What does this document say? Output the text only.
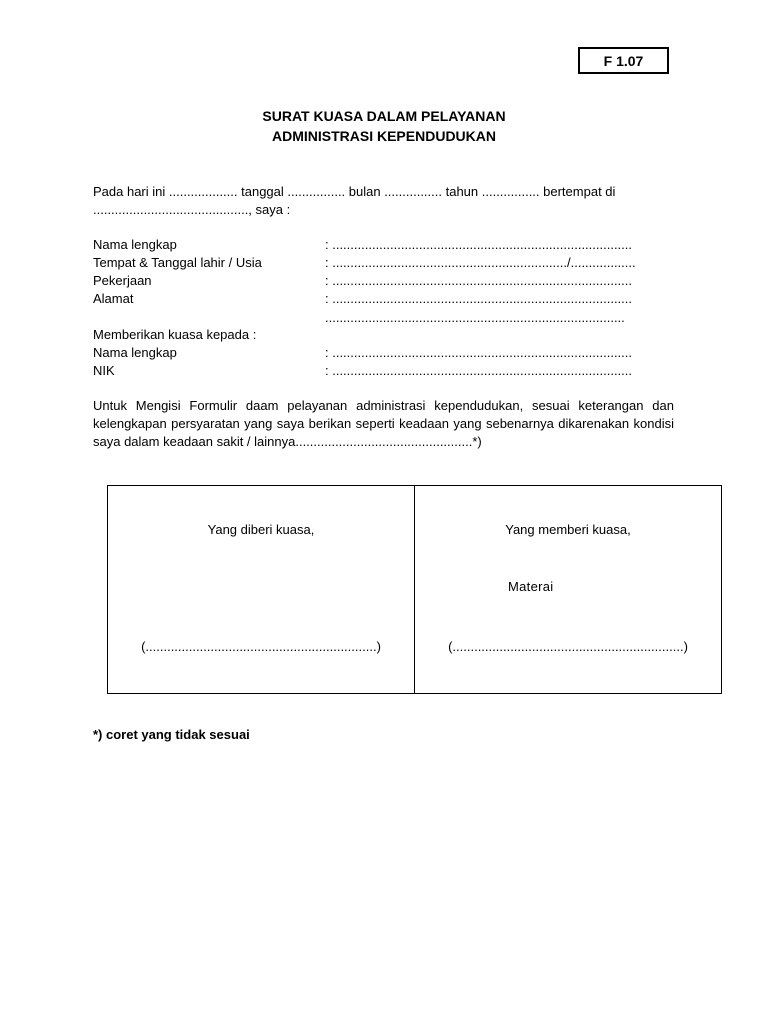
F 1.07
SURAT KUASA DALAM PELAYANAN
ADMINISTRASI KEPENDUDUKAN
Pada hari ini ................... tanggal ................ bulan ................ tahun ................ bertempat di
..........................................., saya :
Nama lengkap	: ...................................................................................
Tempat & Tanggal lahir / Usia	: ................................................................./..................
Pekerjaan	: ...................................................................................
Alamat	: ...................................................................................
...................................................................................
Memberikan kuasa kepada :
Nama lengkap	: ...................................................................................
NIK	: ...................................................................................
Untuk Mengisi Formulir daam pelayanan administrasi kependudukan, sesuai keterangan dan kelengkapan persyaratan yang saya berikan seperti keadaan yang sebenarnya dikarenakan kondisi saya dalam keadaan sakit / lainnya.................................................*)
Yang diberi kuasa,
(................................................................)
Yang memberi kuasa,
Materai
(................................................................)
*) coret yang tidak sesuai
